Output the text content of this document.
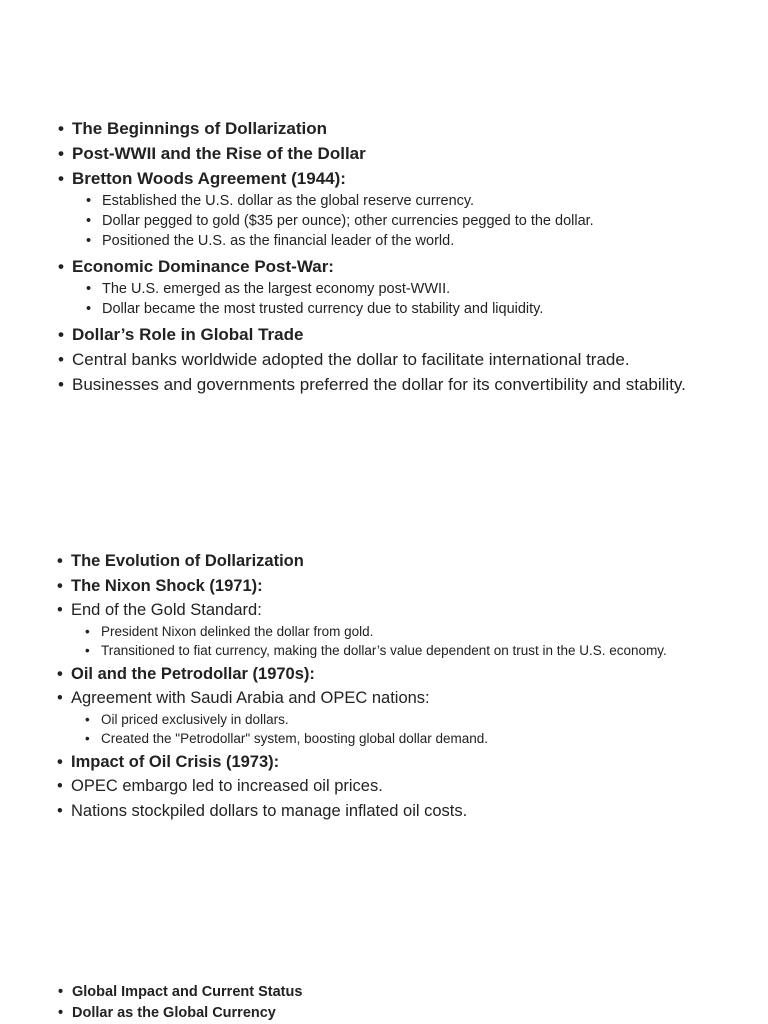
• The Beginnings of Dollarization
• Post-WWII and the Rise of the Dollar
• Bretton Woods Agreement (1944):
• Established the U.S. dollar as the global reserve currency.
• Dollar pegged to gold ($35 per ounce); other currencies pegged to the dollar.
• Positioned the U.S. as the financial leader of the world.
• Economic Dominance Post-War:
• The U.S. emerged as the largest economy post-WWII.
• Dollar became the most trusted currency due to stability and liquidity.
• Dollar’s Role in Global Trade
• Central banks worldwide adopted the dollar to facilitate international trade.
• Businesses and governments preferred the dollar for its convertibility and stability.
• The Evolution of Dollarization
• The Nixon Shock (1971):
• End of the Gold Standard:
• President Nixon delinked the dollar from gold.
• Transitioned to fiat currency, making the dollar’s value dependent on trust in the U.S. economy.
• Oil and the Petrodollar (1970s):
• Agreement with Saudi Arabia and OPEC nations:
• Oil priced exclusively in dollars.
• Created the "Petrodollar" system, boosting global dollar demand.
• Impact of Oil Crisis (1973):
• OPEC embargo led to increased oil prices.
• Nations stockpiled dollars to manage inflated oil costs.
• Global Impact and Current Status
• Dollar as the Global Currency
